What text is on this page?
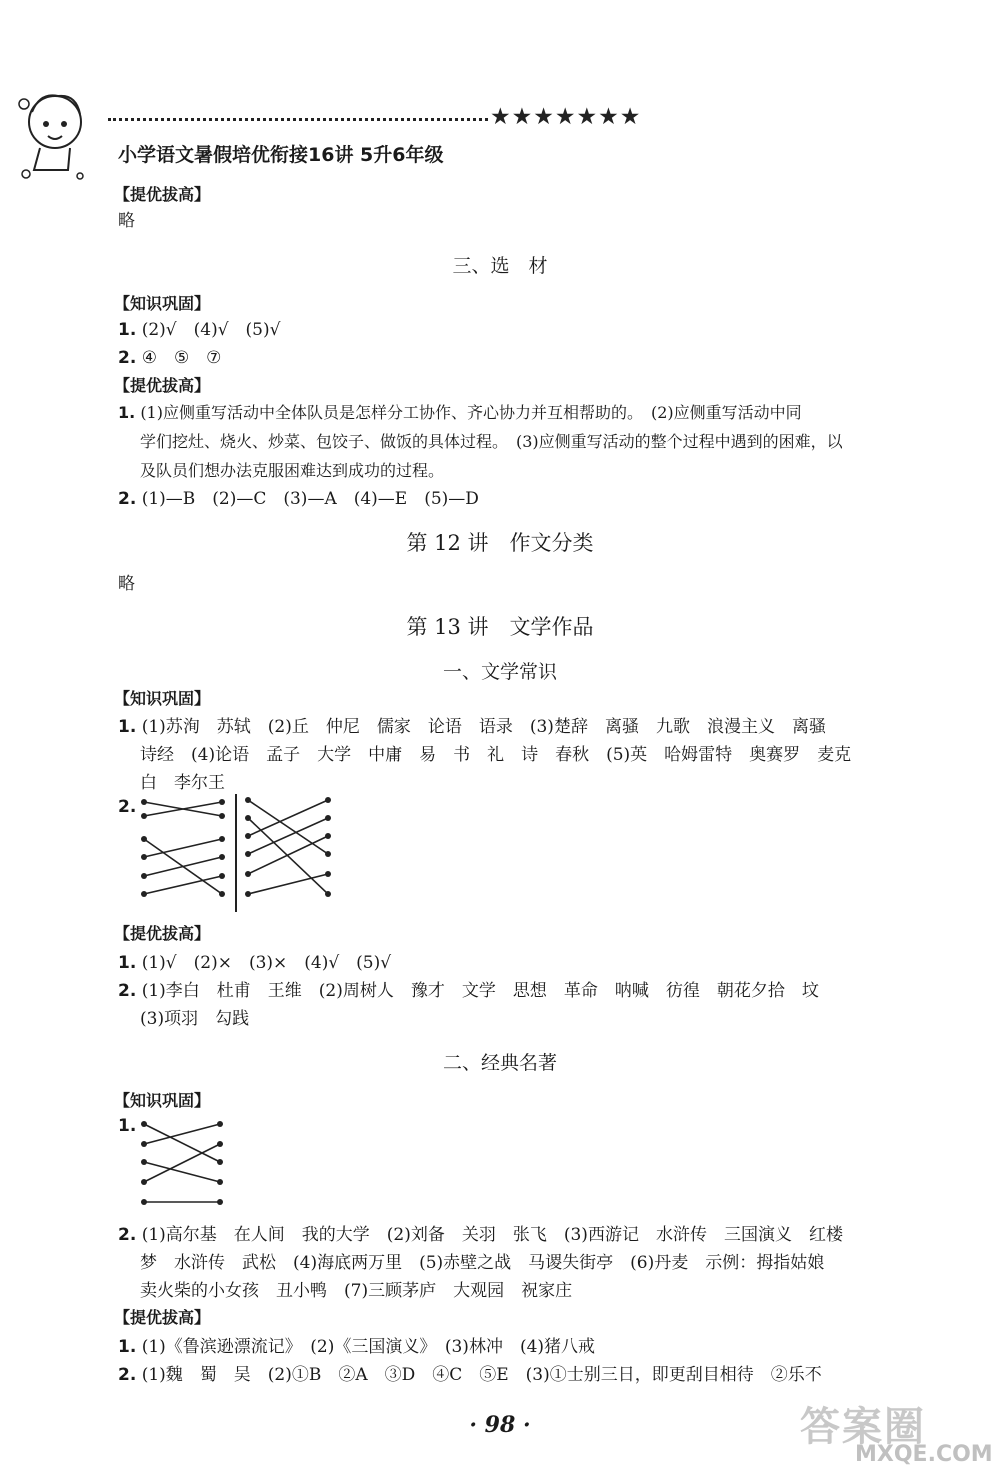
★★★★★★★
小学语文暑假培优衔接16讲 5升6年级
【提优拔高】
略
三、选　材
【知识巩固】
1. (2)√　(4)√　(5)√
2. ④　⑤　⑦
【提优拔高】
1. (1)应侧重写活动中全体队员是怎样分工协作、齐心协力并互相帮助的。　(2)应侧重写活动中同
学们挖灶、烧火、炒菜、包饺子、做饭的具体过程。　(3)应侧重写活动的整个过程中遇到的困难，以
及队员们想办法克服困难达到成功的过程。
2. (1)—B　(2)—C　(3)—A　(4)—E　(5)—D
第 12 讲　作文分类
略
第 13 讲　文学作品
一、文学常识
【知识巩固】
1. (1)苏洵　苏轼　(2)丘　仲尼　儒家　论语　语录　(3)楚辞　离骚　九歌　浪漫主义　离骚
诗经　(4)论语　孟子　大学　中庸　易　书　礼　诗　春秋　(5)英　哈姆雷特　奥赛罗　麦克
白　李尔王
2.
【提优拔高】
1. (1)√　(2)×　(3)×　(4)√　(5)√
2. (1)李白　杜甫　王维　(2)周树人　豫才　文学　思想　革命　呐喊　彷徨　朝花夕拾　坟
(3)项羽　勾践
二、经典名著
【知识巩固】
1.
2. (1)高尔基　在人间　我的大学　(2)刘备　关羽　张飞　(3)西游记　水浒传　三国演义　红楼
梦　水浒传　武松　(4)海底两万里　(5)赤壁之战　马谡失街亭　(6)丹麦　示例：拇指姑娘
卖火柴的小女孩　丑小鸭　(7)三顾茅庐　大观园　祝家庄
【提优拔高】
1. (1)《鲁滨逊漂流记》　(2)《三国演义》　(3)林冲　(4)猪八戒
2. (1)魏　蜀　吴　(2)①B　②A　③D　④C　⑤E　(3)①士别三日，即更刮目相待　②乐不
· 98 ·	答案圈
MXQE.COM
